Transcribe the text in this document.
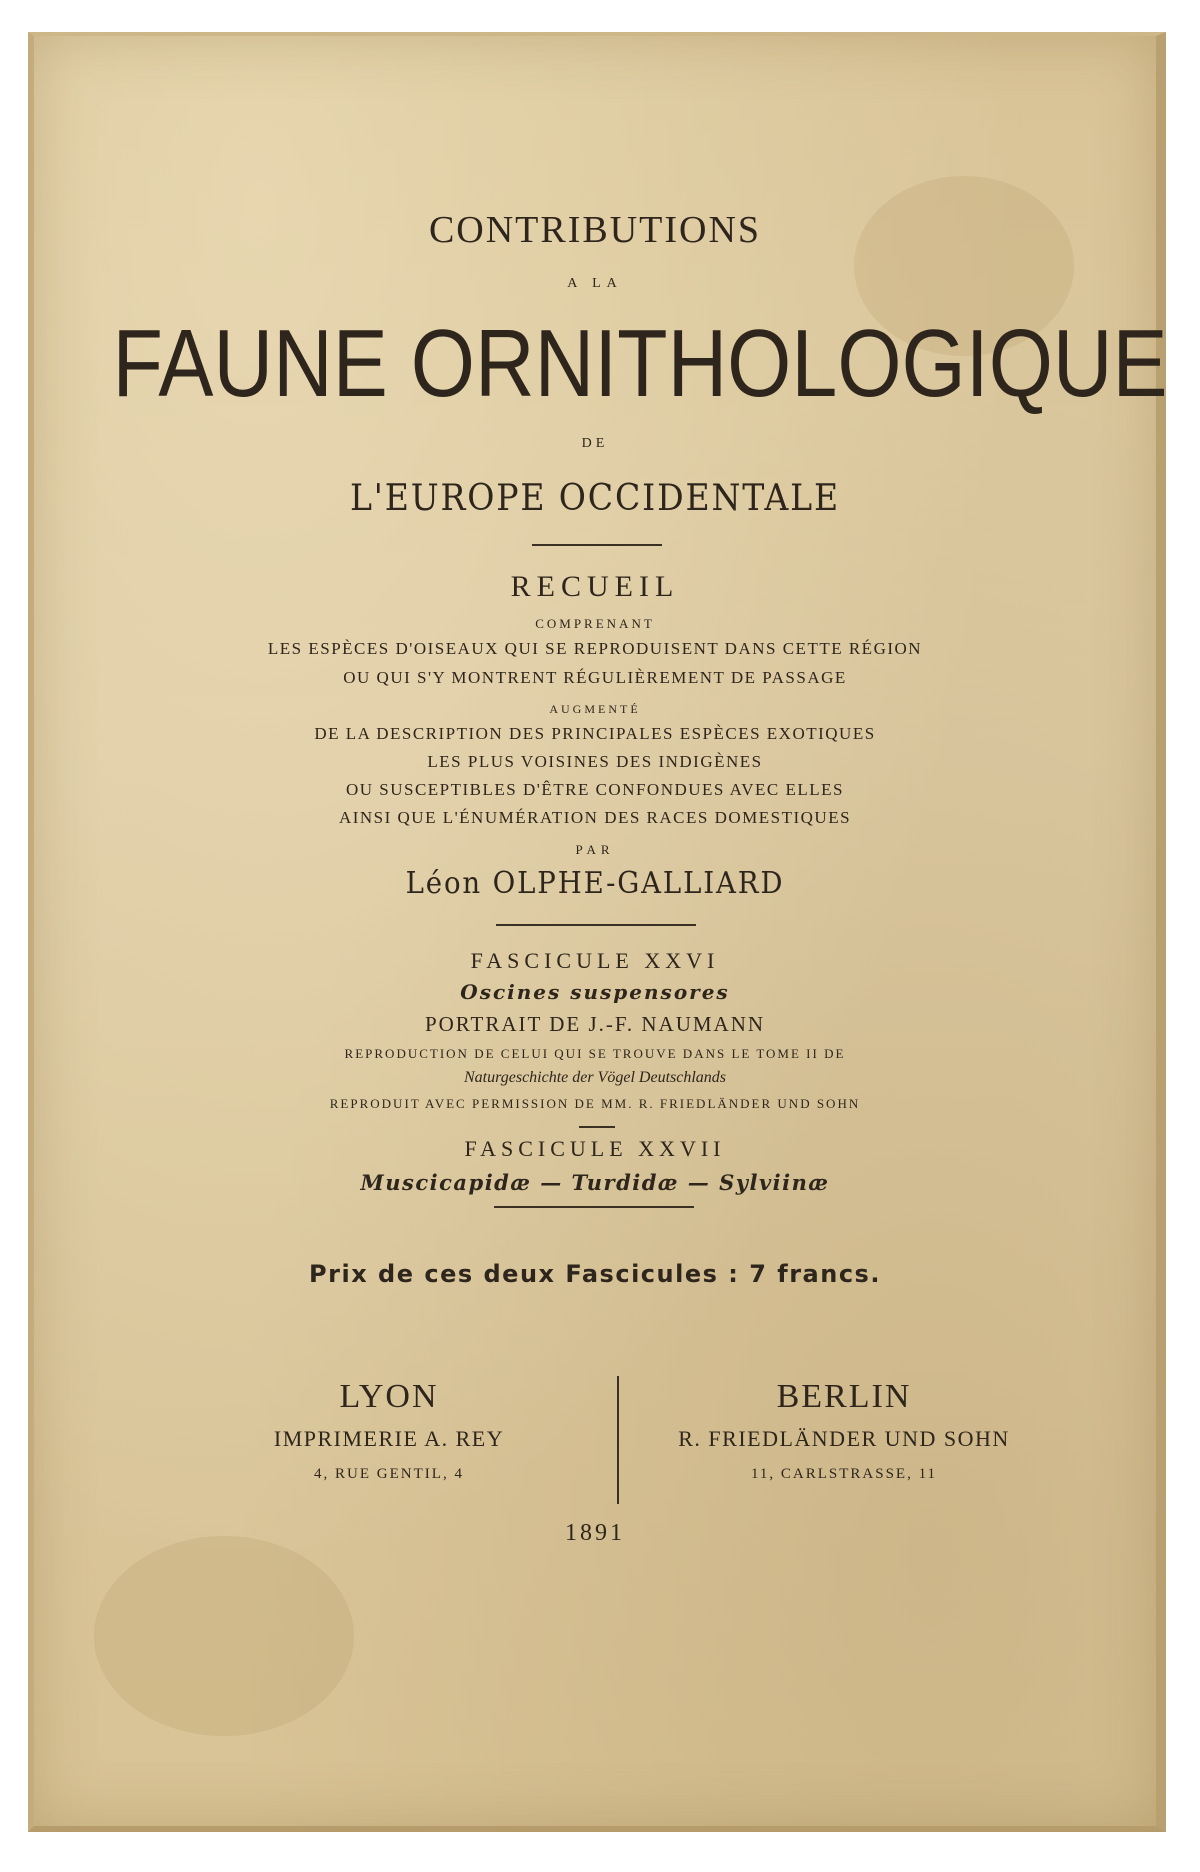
CONTRIBUTIONS
A LA
FAUNE ORNITHOLOGIQUE
DE
L'EUROPE OCCIDENTALE
RECUEIL
COMPRENANT
LES ESPÈCES D'OISEAUX QUI SE REPRODUISENT DANS CETTE RÉGION
OU QUI S'Y MONTRENT RÉGULIÈREMENT DE PASSAGE
AUGMENTÉ
DE LA DESCRIPTION DES PRINCIPALES ESPÈCES EXOTIQUES
LES PLUS VOISINES DES INDIGÈNES
OU SUSCEPTIBLES D'ÊTRE CONFONDUES AVEC ELLES
AINSI QUE L'ÉNUMÉRATION DES RACES DOMESTIQUES
PAR
Léon OLPHE-GALLIARD
FASCICULE XXVI
Oscines suspensores
PORTRAIT DE J.-F. NAUMANN
REPRODUCTION DE CELUI QUI SE TROUVE DANS LE TOME II DE
Naturgeschichte der Vögel Deutschlands
REPRODUIT AVEC PERMISSION DE MM. R. FRIEDLÄNDER UND SOHN
FASCICULE XXVII
Muscicapidæ — Turdidæ — Sylviinæ
Prix de ces deux Fascicules : 7 francs.
LYON
IMPRIMERIE A. REY
4, RUE GENTIL, 4
BERLIN
R. FRIEDLÄNDER UND SOHN
11, CARLSTRASSE, 11
1891
